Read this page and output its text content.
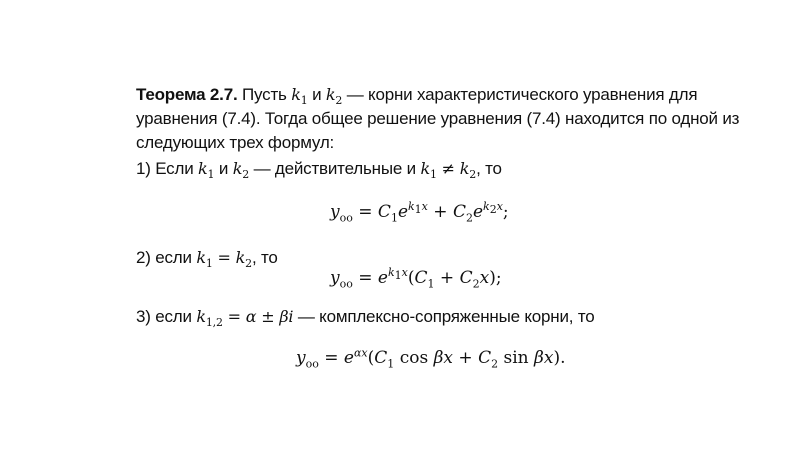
Теорема 2.7. Пусть $k_1$ и $k_2$ — корни характеристического уравнения для
уравнения (7.4). Тогда общее решение уравнения (7.4) находится по одной из
следующих трех формул:
1) Если $k_1$ и $k_2$ — действительные и $k_1 \ne k_2$, то
$y_{оо} = C_1e^{k_1x} + C_2e^{k_2x}$;
2) если $k_1 = k_2$, то
$y_{оо} = e^{k_1x}(C_1 + C_2x)$;
3) если $k_{1,2} = \alpha \pm \beta i$ — комплексно-сопряженные корни, то
$y_{оо} = e^{\alpha x}(C_1$ $\cos \beta x + C_2$ sin βx).
